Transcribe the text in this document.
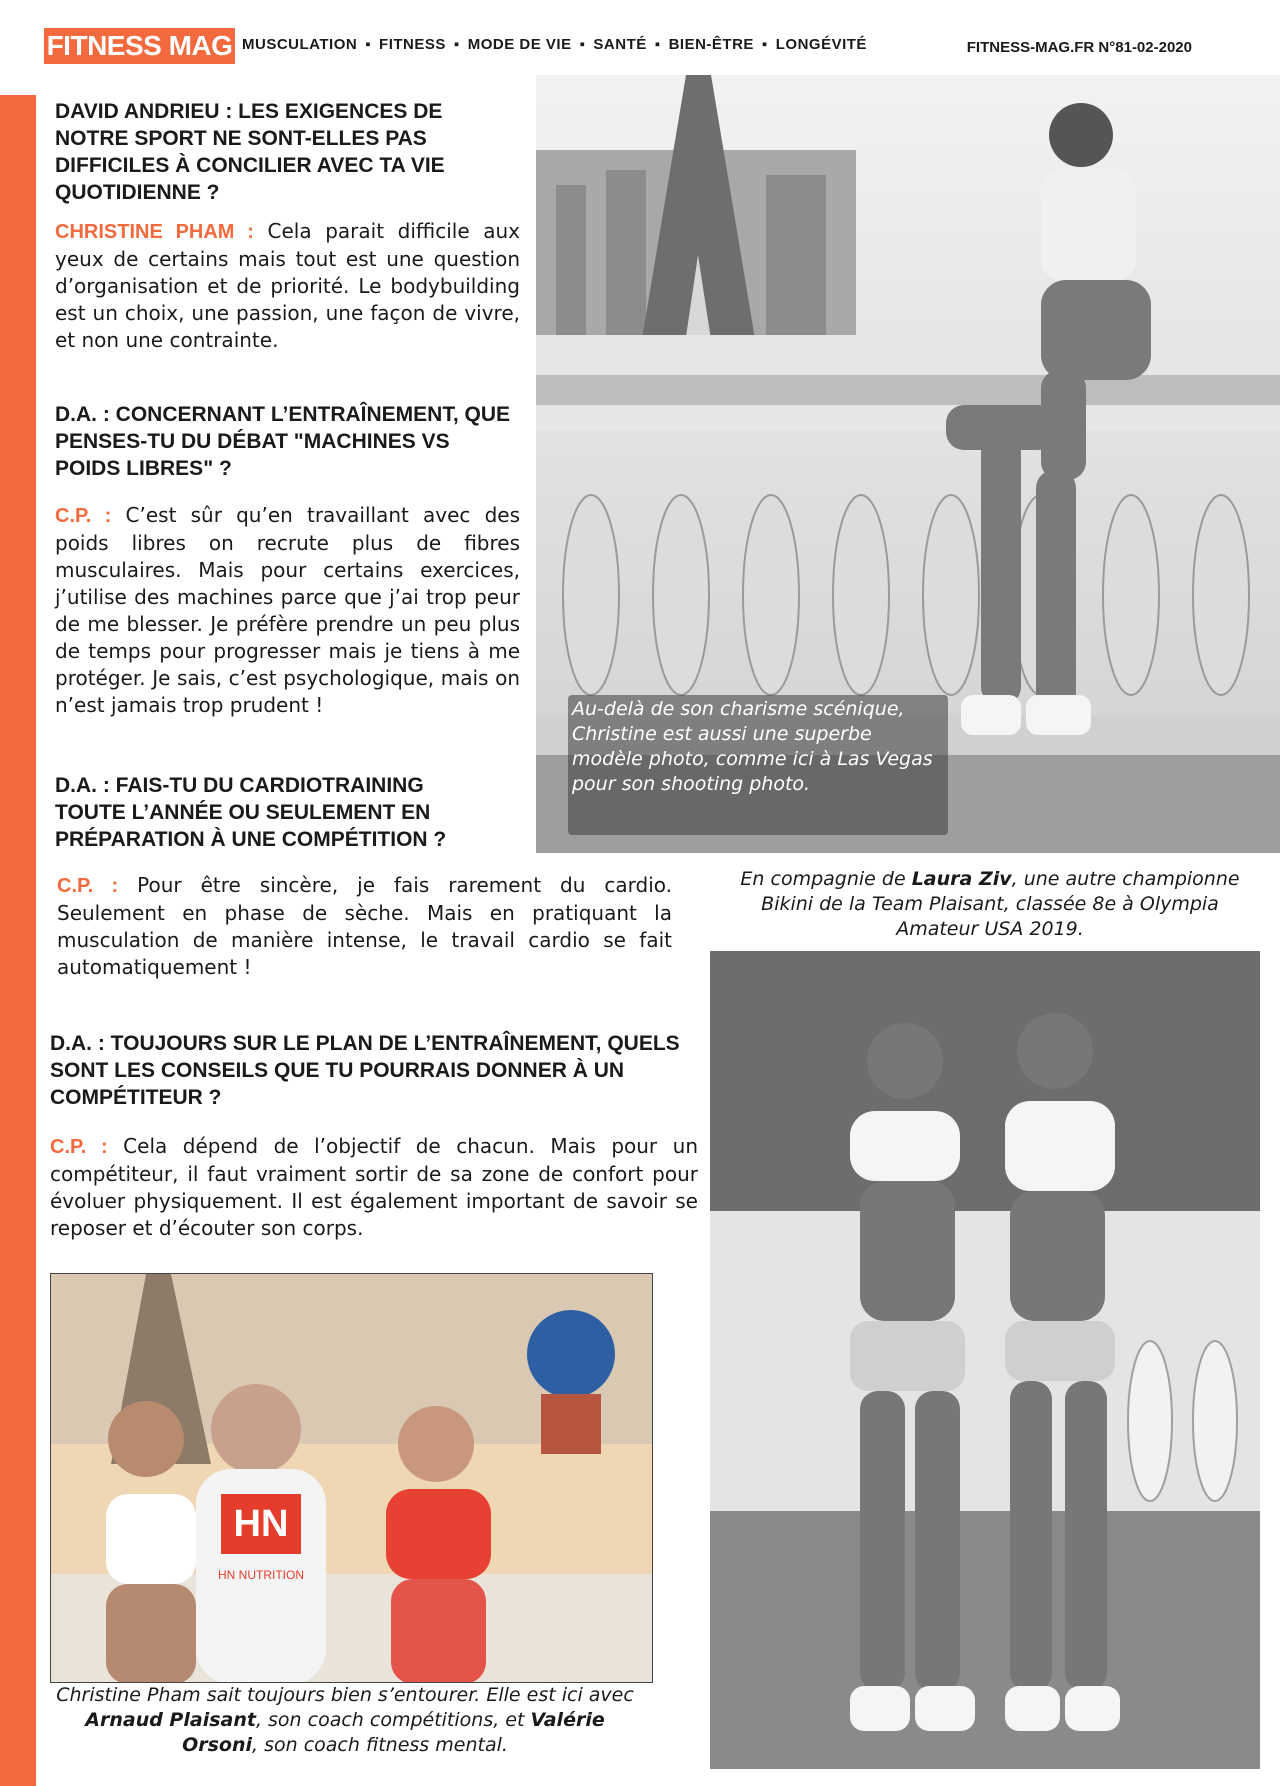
FITNESS MAG MUSCULATION ▪ FITNESS ▪ MODE DE VIE ▪ SANTÉ ▪ BIEN-ÊTRE ▪ LONGÉVITÉ	FITNESS-MAG.FR N°81-02-2020

DAVID ANDRIEU : LES EXIGENCES DE NOTRE SPORT NE SONT-ELLES PAS DIFFICILES À CONCILIER AVEC TA VIE QUOTIDIENNE ?

CHRISTINE PHAM : Cela parait difficile aux yeux de certains mais tout est une question d’organisation et de priorité. Le bodybuilding est un choix, une passion, une façon de vivre, et non une contrainte.

D.A. : CONCERNANT L’ENTRAÎNEMENT, QUE PENSES-TU DU DÉBAT "MACHINES VS POIDS LIBRES" ?

C.P. : C’est sûr qu’en travaillant avec des poids libres on recrute plus de fibres musculaires. Mais pour certains exercices, j’utilise des machines parce que j’ai trop peur de me blesser. Je préfère prendre un peu plus de temps pour progresser mais je tiens à me protéger. Je sais, c’est psychologique, mais on n’est jamais trop prudent !

D.A. : FAIS-TU DU CARDIOTRAINING TOUTE L’ANNÉE OU SEULEMENT EN PRÉPARATION À UNE COMPÉTITION ?

C.P. : Pour être sincère, je fais rarement du cardio. Seulement en phase de sèche. Mais en pratiquant la musculation de manière intense, le travail cardio se fait automatiquement !

D.A. : TOUJOURS SUR LE PLAN DE L’ENTRAÎNEMENT, QUELS SONT LES CONSEILS QUE TU POURRAIS DONNER À UN COMPÉTITEUR ?

C.P. : Cela dépend de l’objectif de chacun. Mais pour un compétiteur, il faut vraiment sortir de sa zone de confort pour évoluer physiquement. Il est également important de savoir se reposer et d’écouter son corps.

Au-delà de son charisme scénique, Christine est aussi une superbe modèle photo, comme ici à Las Vegas pour son shooting photo.

En compagnie de Laura Ziv, une autre championne Bikini de la Team Plaisant, classée 8e à Olympia Amateur USA 2019.

HN
HN NUTRITION

Christine Pham sait toujours bien s’entourer. Elle est ici avec Arnaud Plaisant, son coach compétitions, et Valérie Orsoni, son coach fitness mental.
